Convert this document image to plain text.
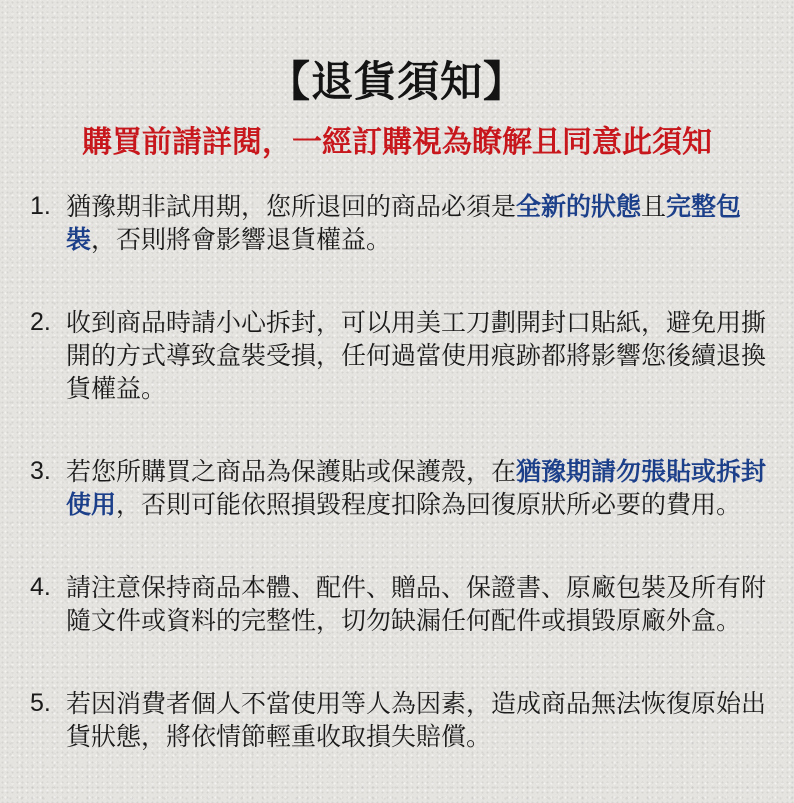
【退貨須知】
購買前請詳閱，一經訂購視為瞭解且同意此須知
1. 猶豫期非試用期，您所退回的商品必須是全新的狀態且完整包裝，否則將會影響退貨權益。
2. 收到商品時請小心拆封，可以用美工刀劃開封口貼紙，避免用撕開的方式導致盒裝受損，任何過當使用痕跡都將影響您後續退換貨權益。
3. 若您所購買之商品為保護貼或保護殼，在猶豫期請勿張貼或拆封使用，否則可能依照損毀程度扣除為回復原狀所必要的費用。
4. 請注意保持商品本體、配件、贈品、保證書、原廠包裝及所有附隨文件或資料的完整性，切勿缺漏任何配件或損毀原廠外盒。
5. 若因消費者個人不當使用等人為因素，造成商品無法恢復原始出貨狀態，將依情節輕重收取損失賠償。
